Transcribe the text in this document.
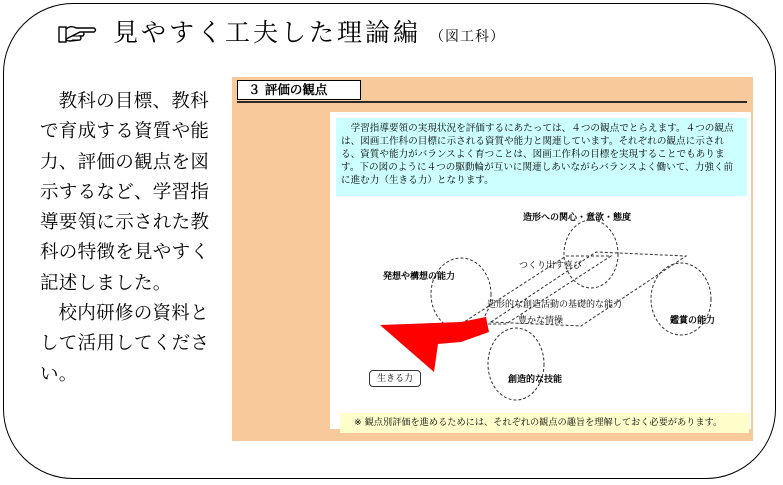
見やすく工夫した理論編 （図工科）

教科の目標、教科で育成する資質や能力、評価の観点を図示するなど、学習指導要領に示された教科の特徴を見やすく記述しました。

校内研修の資料として活用してください。

３ 評価の観点
　学習指導要領の実現状況を評価するにあたっては、４つの観点でとらえます。４つの観点は、図画工作科の目標に示される資質や能力と関連しています。それぞれの観点に示される、資質や能力がバランスよく育つことは、図画工作科の目標を実現することでもあります。下の図のように４つの駆動輪が互いに関連しあいながらバランスよく働いて、力強く前に進む力（生きる力）となります。
造形への関心・意欲・態度
発想や構想の能力
鑑賞の能力
創造的な技能
つくり出す喜び
造形的な創造活動の基礎的な能力
豊かな情操
生きる力
※ 観点別評価を進めるためには、それぞれの観点の趣旨を理解しておく必要があります。
